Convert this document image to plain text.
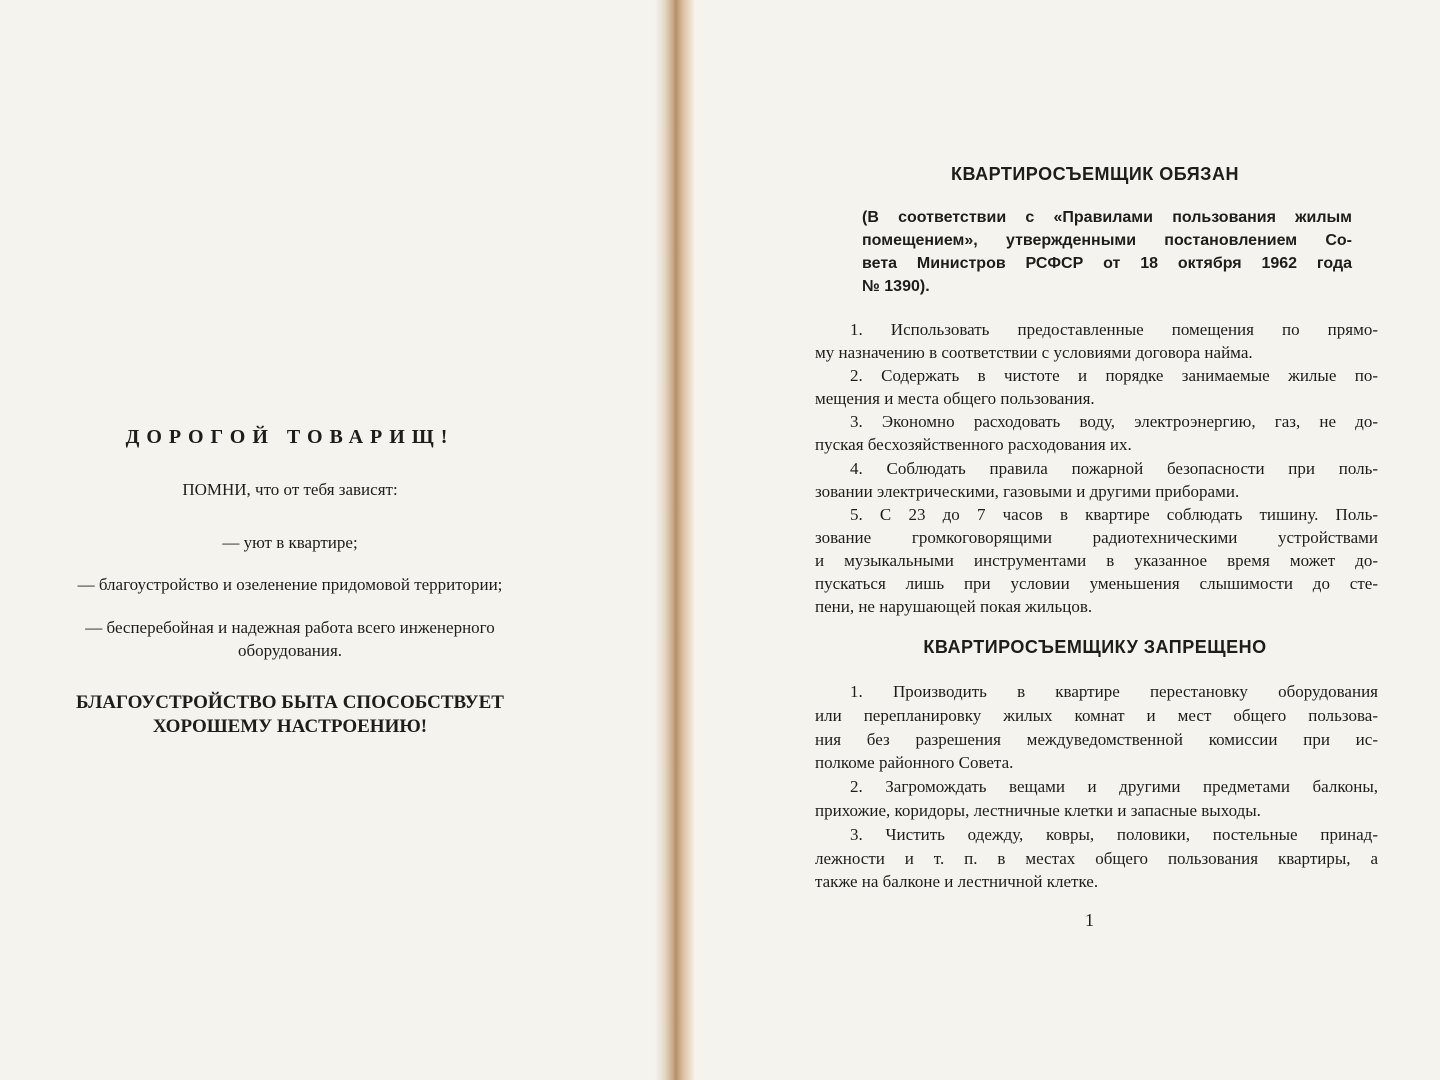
ДОРОГОЙ ТОВАРИЩ!
ПОМНИ, что от тебя зависят:
— уют в квартире;
— благоустройство и озеленение придомовой территории;
— бесперебойная и надежная работа всего инженерного
оборудования.
БЛАГОУСТРОЙСТВО БЫТА СПОСОБСТВУЕТ
ХОРОШЕМУ НАСТРОЕНИЮ!
КВАРТИРОСЪЕМЩИК ОБЯЗАН
(В соответствии с «Правилами пользования жилым
помещением», утвержденными постановлением Со-
вета Министров РСФСР от 18 октября 1962 года
№ 1390).
1. Использовать предоставленные помещения по прямо-
му назначению в соответствии с условиями договора найма.
2. Содержать в чистоте и порядке занимаемые жилые по-
мещения и места общего пользования.
3. Экономно расходовать воду, электроэнергию, газ, не до-
пуская бесхозяйственного расходования их.
4. Соблюдать правила пожарной безопасности при поль-
зовании электрическими, газовыми и другими приборами.
5. С 23 до 7 часов в квартире соблюдать тишину. Поль-
зование громкоговорящими радиотехническими устройствами
и музыкальными инструментами в указанное время может до-
пускаться лишь при условии уменьшения слышимости до сте-
пени, не нарушающей покая жильцов.
КВАРТИРОСЪЕМЩИКУ ЗАПРЕЩЕНО
1. Производить в квартире перестановку оборудования
или перепланировку жилых комнат и мест общего пользова-
ния без разрешения междуведомственной комиссии при ис-
полкоме районного Совета.
2. Загромождать вещами и другими предметами балконы,
прихожие, коридоры, лестничные клетки и запасные выходы.
3. Чистить одежду, ковры, половики, постельные принад-
лежности и т. п. в местах общего пользования квартиры, а
также на балконе и лестничной клетке.
1
